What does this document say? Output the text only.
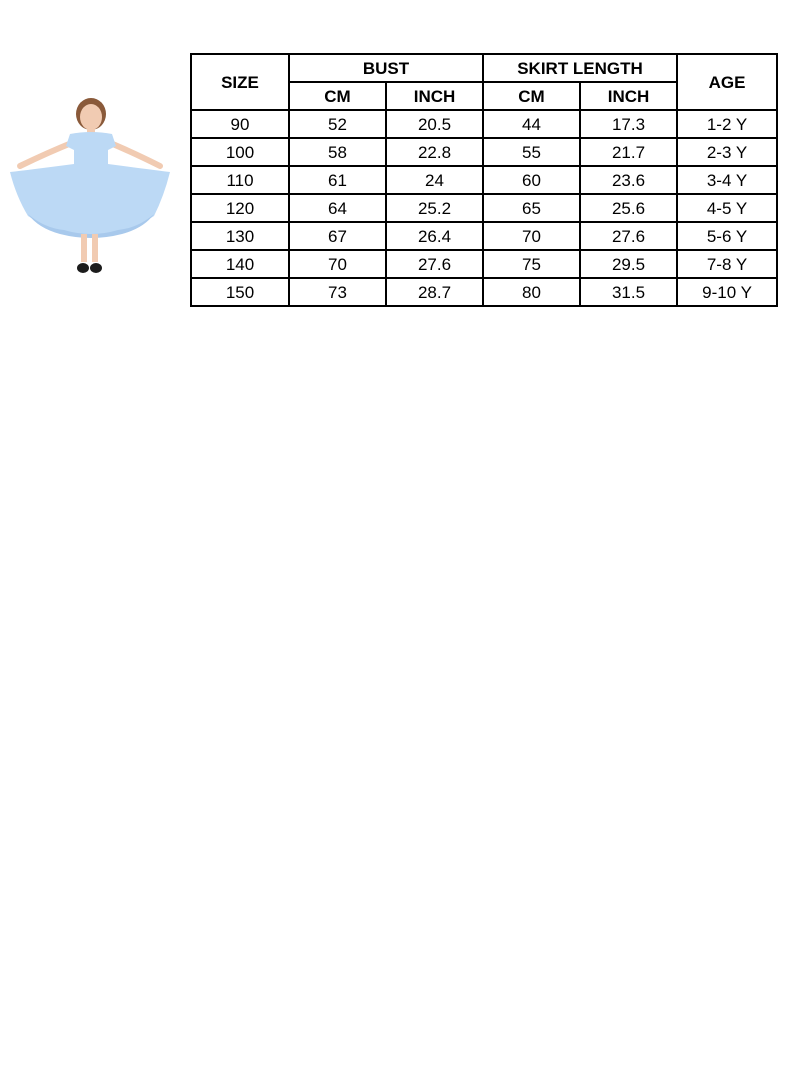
SIZE	BUST		SKIRT LENGTH		AGE
	CM	INCH	CM	INCH	
90	52	20.5	44	17.3	1-2 Y
100	58	22.8	55	21.7	2-3 Y
110	61	24	60	23.6	3-4 Y
120	64	25.2	65	25.6	4-5 Y
130	67	26.4	70	27.6	5-6 Y
140	70	27.6	75	29.5	7-8 Y
150	73	28.7	80	31.5	9-10 Y
